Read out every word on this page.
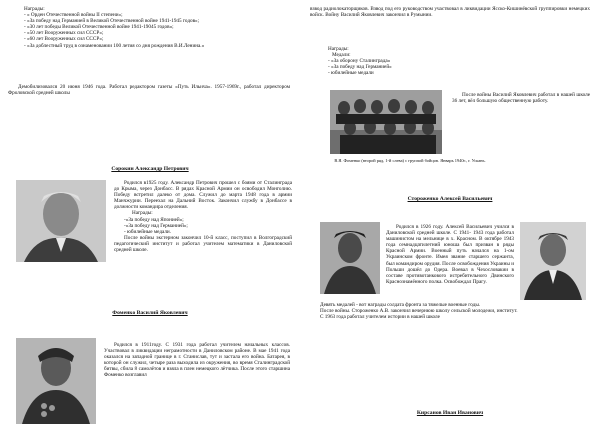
Награды:

- « Орден Отечественной войны II степени»;

- «За победу над Германией в Великой Отечественной войне 1941-1945 годов»;

- «30 лет победы Великой Отечественной войне 1941-19045 годов»;

- «50 лет Вооруженных сил СССР»;

- «60 лет Вооруженных сил СССР»;

- «За доблестный труд в ознаменовании 100 летия со дня рождения В.И.Ленина.»

Демобилизовался 20 июня 1946 года. Работал редактором газеты «Путь Ильича». 1957-1969г., работал директором Фроловской средней школы

Сорокин Александр Петрович

Родился в1925 году. Александр Петрович прошел с боями от Сталинграда до Крыма, через Донбасс. В рядах Красной Армии он освободил Монголию. Победу встретил далеко от дома. Служил до марта 1948 года в армии Манчжурии. Переехал на Дальний Восток. Закончил службу в Донбассе в должности командира отделения.

Награды:

-«За победу над Японией»;

-«За победу над Германией»;

- юбилейные медали.

После войны экстерном закончил 10-й класс, поступил в Волгоградский педагогический институт и работал учителем математики в Даниловской средней школе.

Фоменко Василий Яковлевич

Родился в 1911году. С 1931 года работал учителем начальных классов. Участвовал в ликвидации неграмотности в Даниловском районе. В мае 1941 года оказался на западной границе в г. Станислав, тут и застала его война. Батарея, в которой он служил, четыре раза выходила из окружения, во время Сталинградской битвы, сбила 8 самолётов и взяла в плен немецкого лётчика. После этого старшина Фоменко возглавил

взвод радиолокаторщиков. Взвод под его руководством участвовал в ликвидации Ясско-Кишинёвской группировки немецких войск. Войну Василий Яковлевич закончил в Румынии.

Награды:

Медали:

- «За оборону Сталинграда»

- «За победу над Германией»

- юбилейные медали

После войны Василий Яковлевич работал в нашей школе 36 лет, вёл большую общественную работу.

В.Я. Фоменко (второй ряд, 1-й слева) с группой бойцов. Январь 1940г., г. Ускань.

Стороженко Алексей Васильевич

Родился в 1926 году. Алексей Васильевич учился в Даниловской средней школе. С 1941- 1943 года работал машинистом на мельнице в х. Красном. В октябре 1943 года семнадцатилетний юноша был призван в ряды Красной Армии. Военный путь начался на 1-ом Украинском фронте. Имея звание старшего сержанта, был командиром орудия. После освобождения Украины и Польши дошёл до Одера. Воевал в Чехословакии в составе противотанкового истребительного Двинского Краснознамённого полка. Освобождал Прагу.

Девять медалей - вот награды солдата фронта за тяжелые военные годы.

После войны. Стороженко А.В. закончил вечернюю школу сельской молодежи, институт.

С 1963 года работал учителем истории в нашей школе

Кирсанов Иван Иванович
